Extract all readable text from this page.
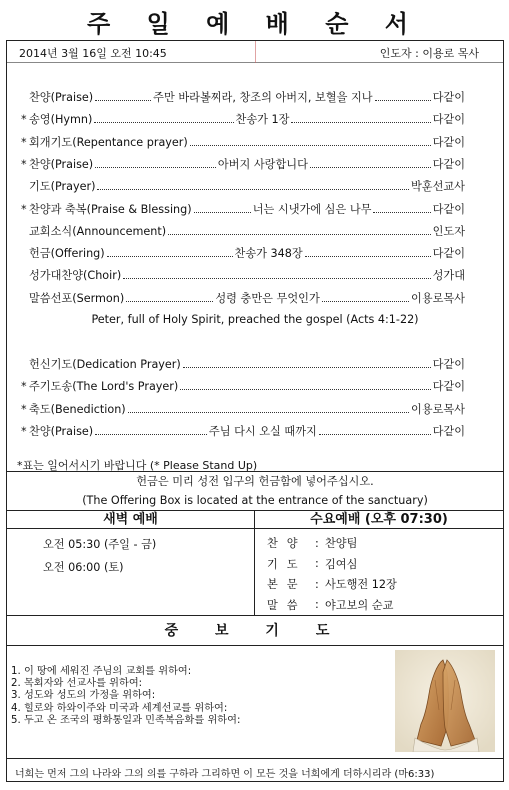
주 일 예 배 순 서
2014년 3월 16일 오전 10:45	인도자 : 이용로 목사
찬양(Praise)	주만 바라볼찌라, 창조의 아버지, 보혈을 지나	다같이
* 송영(Hymn)	찬송가 1장	다같이
* 회개기도(Repentance prayer)	다같이
* 찬양(Praise)	아버지 사랑합니다	다같이
기도(Prayer)	박훈선교사
* 찬양과 축복(Praise & Blessing)	너는 시냇가에 심은 나무	다같이
교회소식(Announcement)	인도자
헌금(Offering)	찬송가 348장	다같이
성가대찬양(Choir)	성가대
말씀선포(Sermon)	성령 충만은 무엇인가	이용로목사
Peter, full of Holy Spirit, preached the gospel (Acts 4:1-22)
헌신기도(Dedication Prayer)	다같이
* 주기도송(The Lord's Prayer)	다같이
* 축도(Benediction)	이용로목사
* 찬양(Praise)	주님 다시 오실 때까지	다같이
*표는 일어서시기 바랍니다 (* Please Stand Up)
헌금은 미리 성전 입구의 헌금함에 넣어주십시오.
(The Offering Box is located at the entrance of the sanctuary)
새벽 예배
오전 05:30 (주일 - 금)
오전 06:00 (토)
수요예배 (오후 07:30)
찬양 : 찬양팀
기도 : 김여심
본문 : 사도행전 12장
말씀 : 야고보의 순교
중 보 기 도
1. 이 땅에 세워진 주님의 교회를 위하여:
2. 목회자와 선교사를 위하여:
3. 성도와 성도의 가정을 위하여:
4. 힐로와 하와이주와 미국과 세계선교를 위하여:
5. 두고 온 조국의 평화통일과 민족복음화를 위하여:
너희는 먼저 그의 나라와 그의 의를 구하라 그리하면 이 모든 것을 너희에게 더하시리라 (마6:33)
